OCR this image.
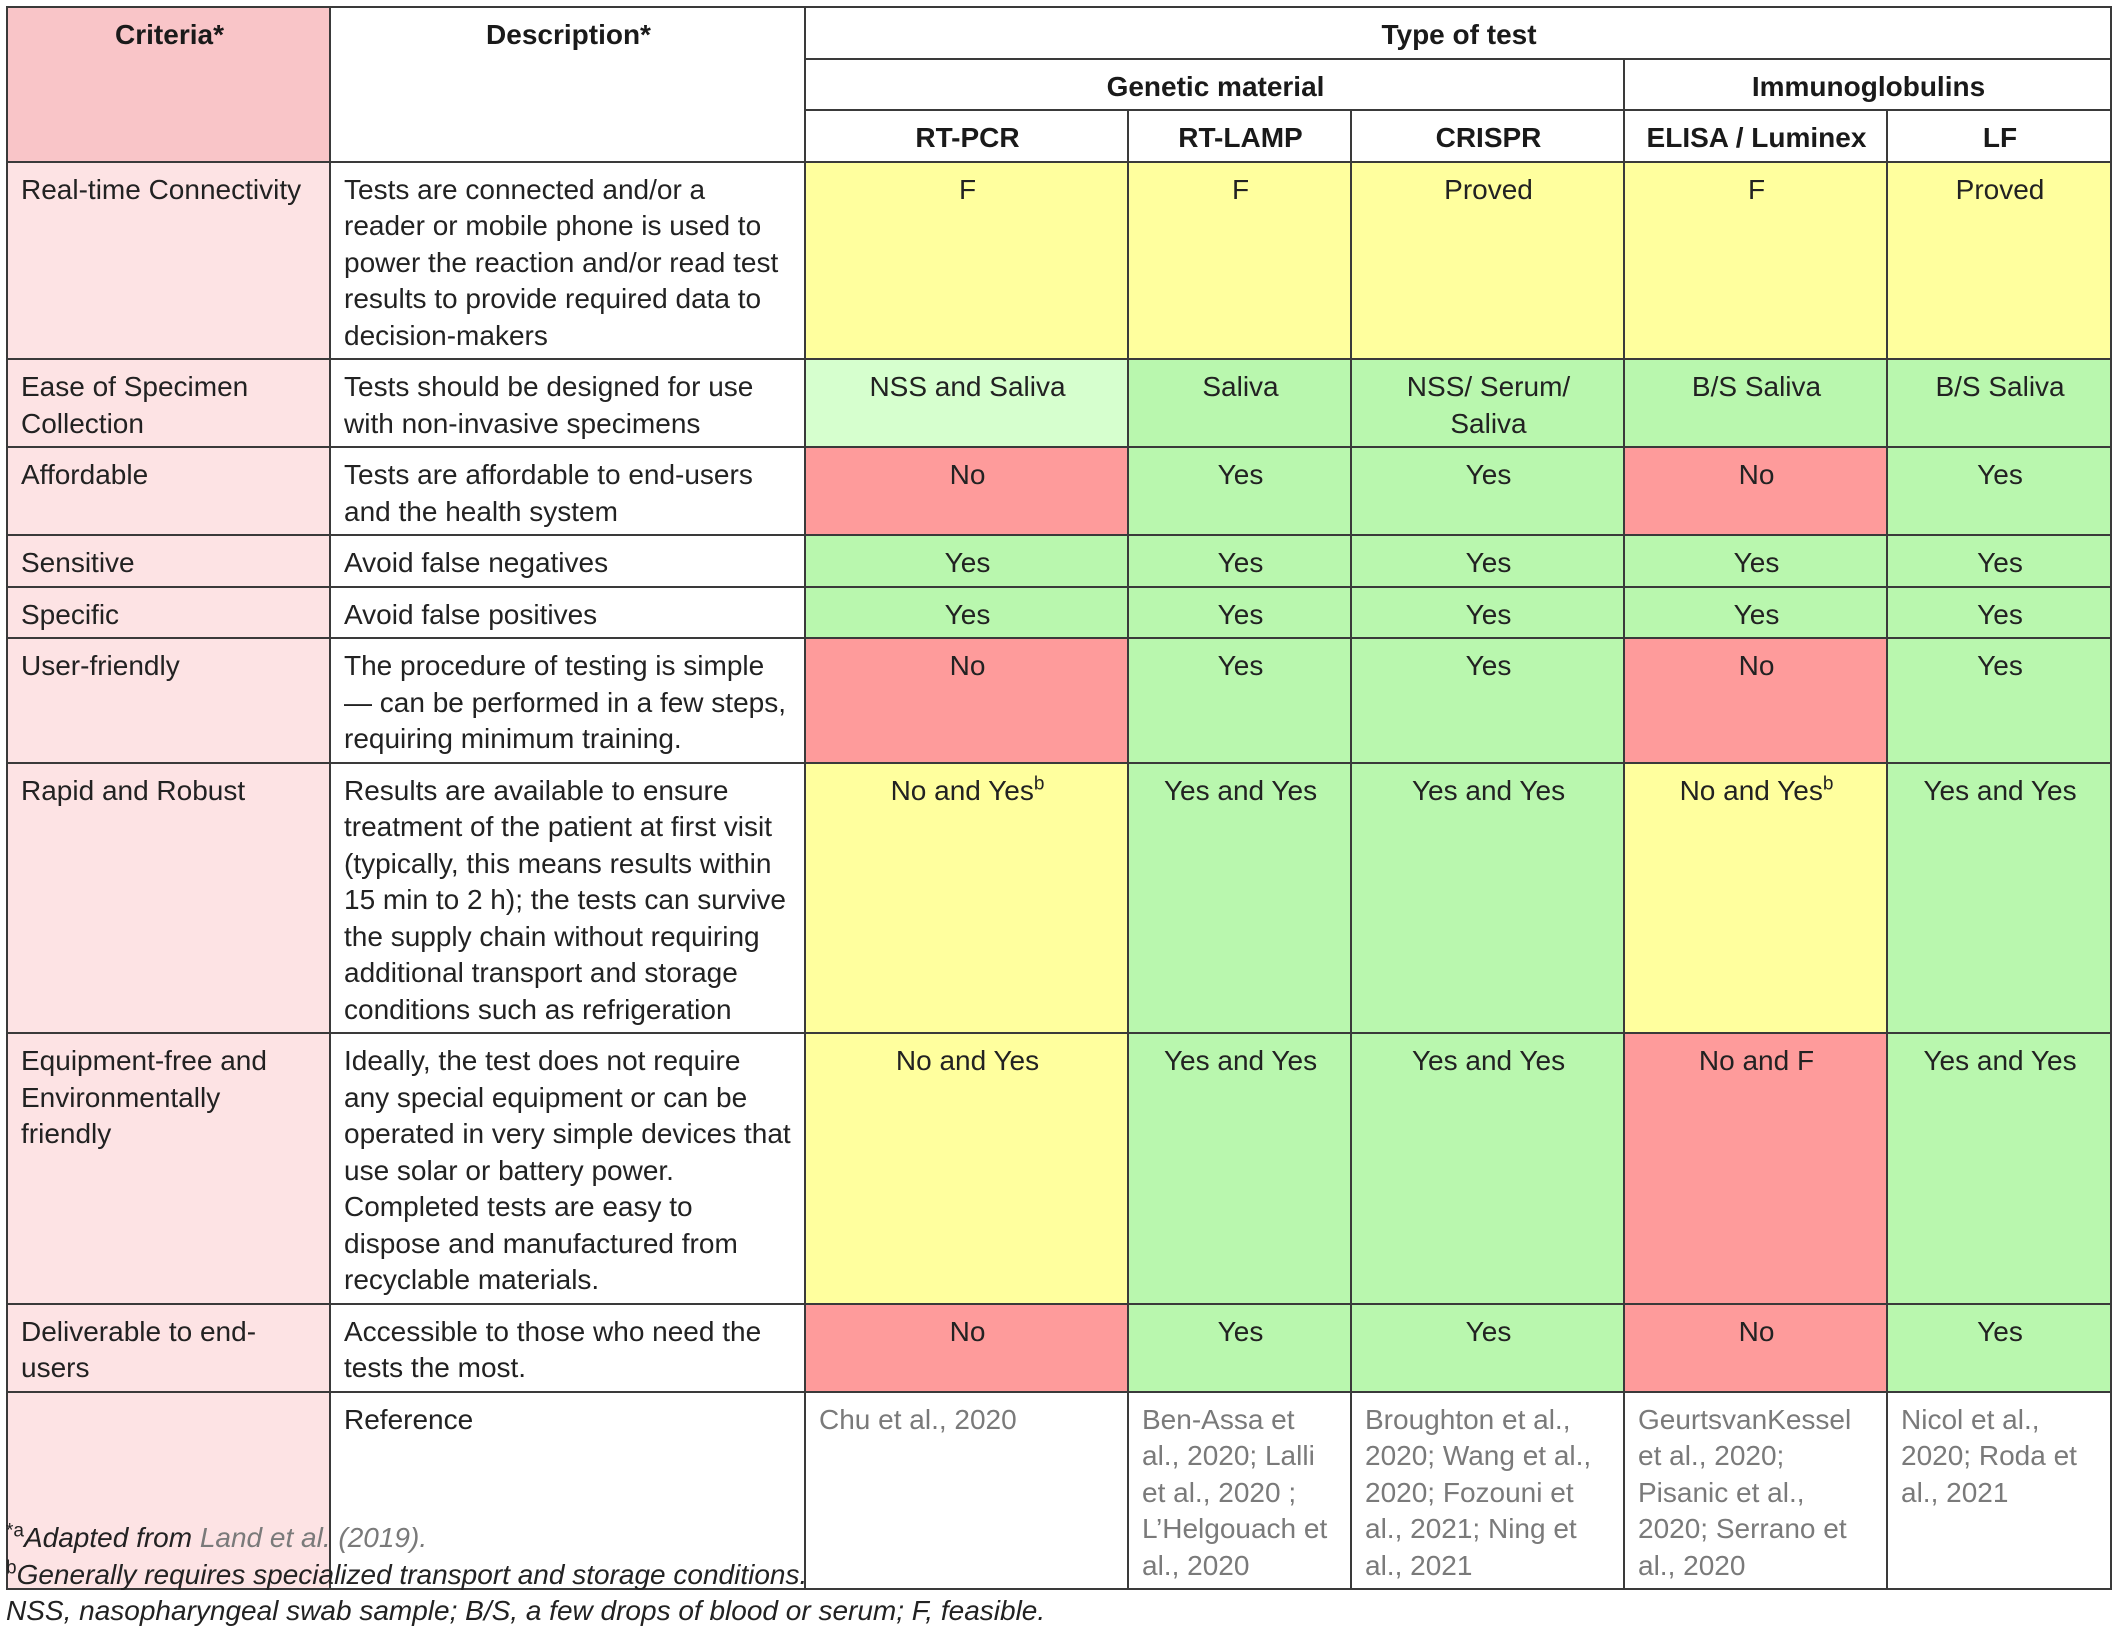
Criteria*	Description*	Type of test				
		Genetic material			Immunoglobulins	
		RT-PCR	RT-LAMP	CRISPR	ELISA / Luminex	LF
Real-time Connectivity	Tests are connected and/or a reader or mobile phone is used to power the reaction and/or read test results to provide required data to decision-makers	F	F	Proved	F	Proved
Ease of Specimen Collection	Tests should be designed for use with non-invasive specimens	NSS and Saliva	Saliva	NSS/ Serum/ Saliva	B/S Saliva	B/S Saliva
Affordable	Tests are affordable to end-users and the health system	No	Yes	Yes	No	Yes
Sensitive	Avoid false negatives	Yes	Yes	Yes	Yes	Yes
Specific	Avoid false positives	Yes	Yes	Yes	Yes	Yes
User-friendly	The procedure of testing is simple — can be performed in a few steps, requiring minimum training.	No	Yes	Yes	No	Yes
Rapid and Robust	Results are available to ensure treatment of the patient at first visit (typically, this means results within 15 min to 2 h); the tests can survive the supply chain without requiring additional transport and storage conditions such as refrigeration	No and Yes$^b$	Yes and Yes	Yes and Yes	No and Yes$^b$	Yes and Yes
Equipment-free and Environmentally friendly	Ideally, the test does not require any special equipment or can be operated in very simple devices that use solar or battery power. Completed tests are easy to dispose and manufactured from recyclable materials.	No and Yes	Yes and Yes	Yes and Yes	No and F	Yes and Yes
Deliverable to end-users	Accessible to those who need the tests the most.	No	Yes	Yes	No	Yes
	Reference	Chu et al., 2020	Ben-Assa et al., 2020; Lalli et al., 2020 ; L’Helgouach et al., 2020	Broughton et al., 2020; Wang et al., 2020; Fozouni et al., 2021; Ning et al., 2021	GeurtsvanKessel et al., 2020; Pisanic et al., 2020; Serrano et al., 2020	Nicol et al., 2020; Roda et al., 2021
$^{*a}$Adapted from Land et al. (2019).
$^b$Generally requires specialized transport and storage conditions.
NSS, nasopharyngeal swab sample; B/S, a few drops of blood or serum; F, feasible.
